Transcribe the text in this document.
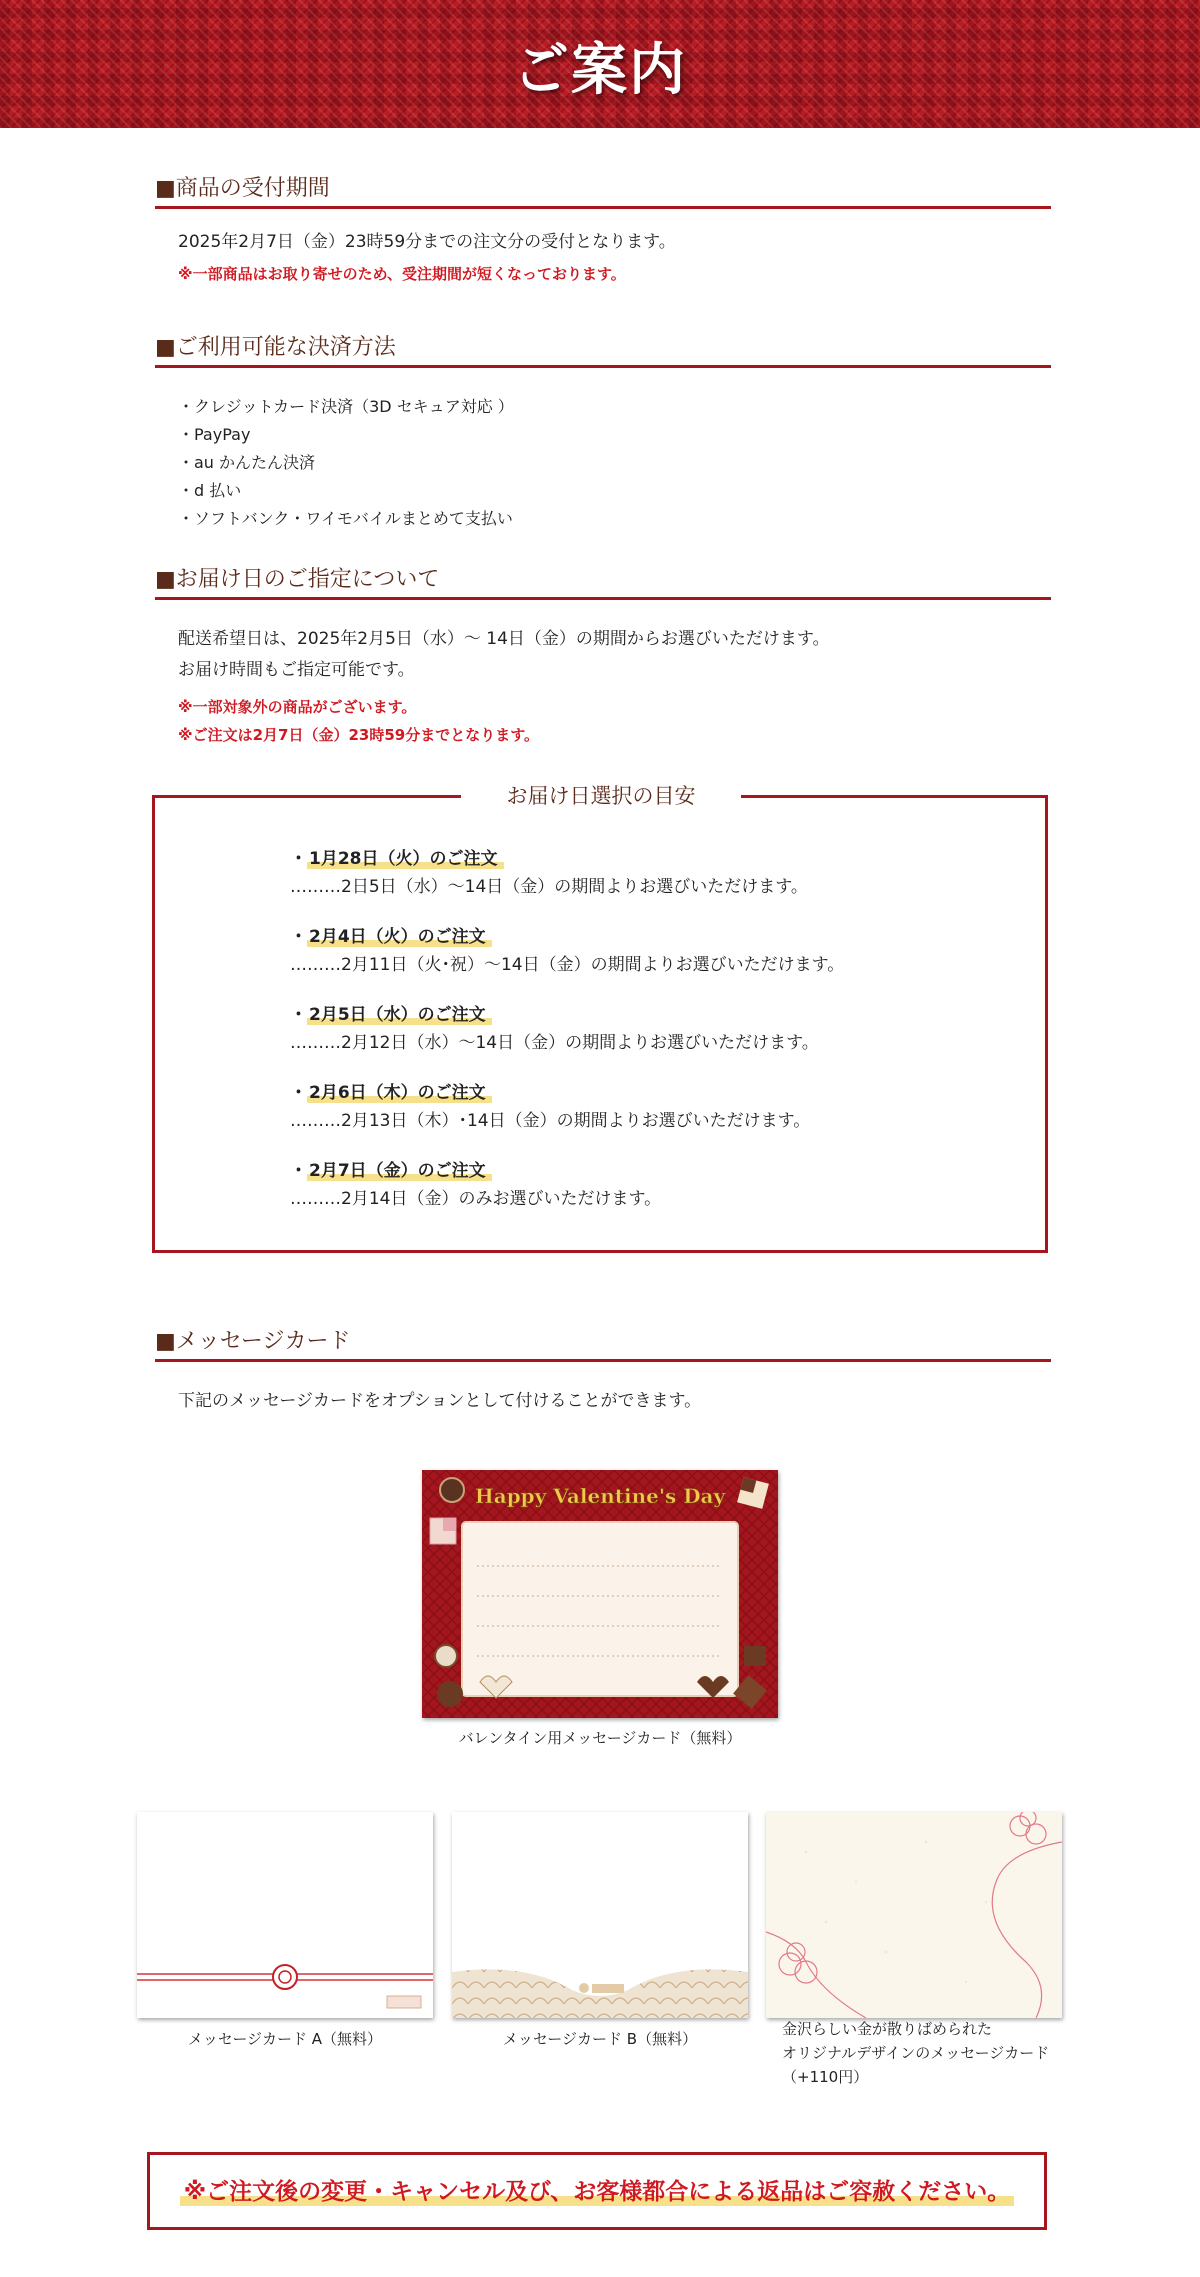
ご案内
■商品の受付期間
2025年2月7日（金）23時59分までの注文分の受付となります。
※一部商品はお取り寄せのため、受注期間が短くなっております。
■ご利用可能な決済方法
・クレジットカード決済（3D セキュア対応 ）
・PayPay
・au かんたん決済
・d 払い
・ソフトバンク・ワイモバイルまとめて支払い
■お届け日のご指定について
配送希望日は、2025年2月5日（水）～ 14日（金）の期間からお選びいただけます。
お届け時間もご指定可能です。
※一部対象外の商品がございます。
※ご注文は2月7日（金）23時59分までとなります。
お届け日選択の目安
・ 1月28日（火）のご注文
………2日5日（水）～14日（金）の期間よりお選びいただけます。
・ 2月4日（火）のご注文
………2月11日（火･祝）～14日（金）の期間よりお選びいただけます。
・ 2月5日（水）のご注文
………2月12日（水）～14日（金）の期間よりお選びいただけます。
・ 2月6日（木）のご注文
………2月13日（木）･14日（金）の期間よりお選びいただけます。
・ 2月7日（金）のご注文
………2月14日（金）のみお選びいただけます。
■メッセージカード
下記のメッセージカードをオプションとして付けることができます。
Happy Valentine's Day
バレンタイン用メッセージカード（無料）
メッセージカード A（無料）	メッセージカード B（無料）
金沢らしい金が散りばめられた
オリジナルデザインのメッセージカード
（+110円）
※ご注文後の変更・キャンセル及び、お客様都合による返品はご容赦ください。
